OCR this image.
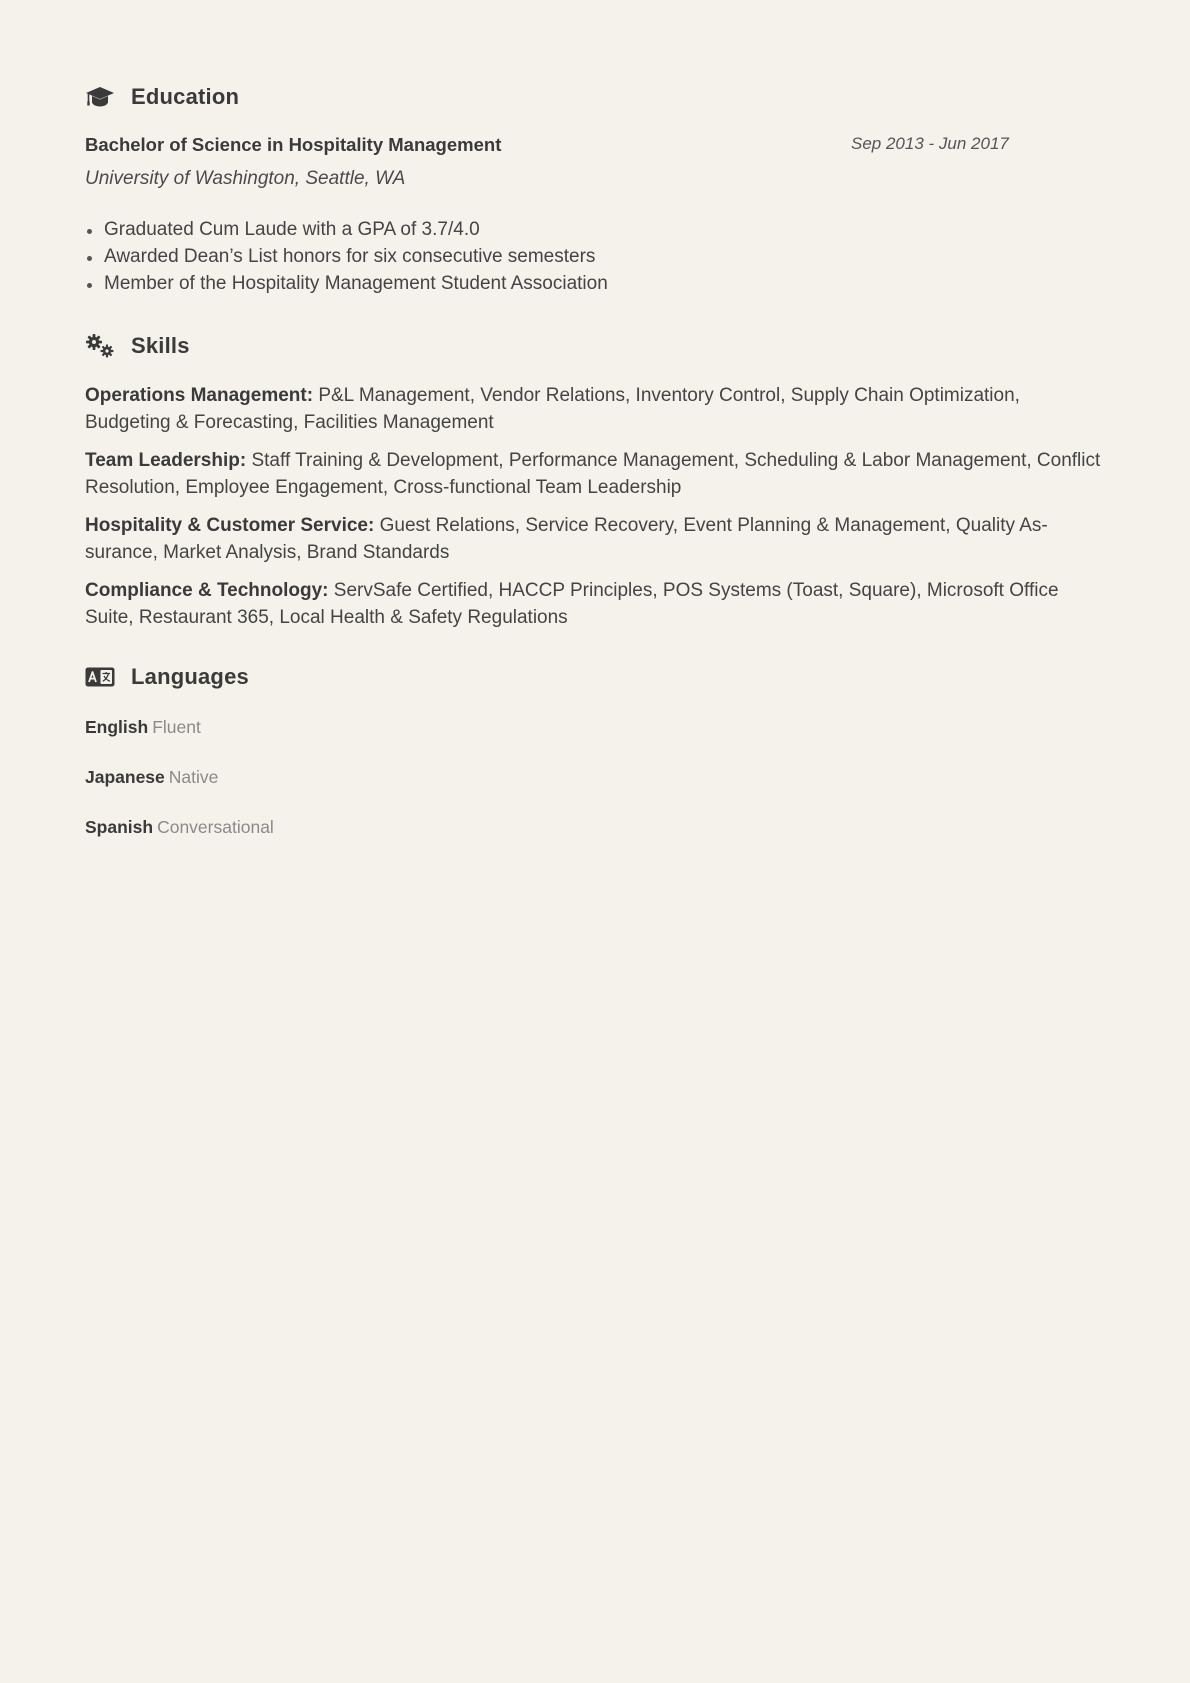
Education
Bachelor of Science in Hospitality Management	Sep 2013 - Jun 2017
University of Washington, Seattle, WA
Graduated Cum Laude with a GPA of 3.7/4.0
Awarded Dean’s List honors for six consecutive semesters
Member of the Hospitality Management Student Association
Skills
Operations Management: P&L Management, Vendor Relations, Inventory Control, Supply Chain Optimization, Budgeting & Forecasting, Facilities Management
Team Leadership: Staff Training & Development, Performance Management, Scheduling & Labor Management, Conflict Resolution, Employee Engagement, Cross-functional Team Leadership
Hospitality & Customer Service: Guest Relations, Service Recovery, Event Planning & Management, Quality As-surance, Market Analysis, Brand Standards
Compliance & Technology: ServSafe Certified, HACCP Principles, POS Systems (Toast, Square), Microsoft Office Suite, Restaurant 365, Local Health & Safety Regulations
Languages
English Fluent
Japanese Native
Spanish Conversational
